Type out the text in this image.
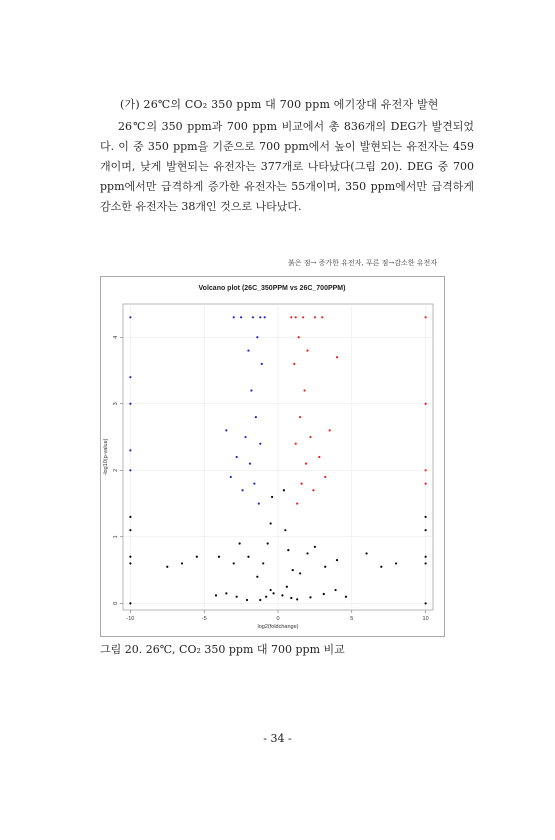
(가) 26℃의 CO₂ 350 ppm 대 700 ppm 에기장대 유전자 발현

26℃의 350 ppm과 700 ppm 비교에서 총 836개의 DEG가 발견되었다. 이 중 350 ppm을 기준으로 700 ppm에서 높이 발현되는 유전자는 459개이며, 낮게 발현되는 유전자는 377개로 나타났다(그림 20). DEG 중 700 ppm에서만 급격하게 증가한 유전자는 55개이며, 350 ppm에서만 급격하게 감소한 유전자는 38개인 것으로 나타났다.

붉은 점→ 증가한 유전자, 푸른 점→감소한 유전자
Volcano plot (26C_350PPM vs 26C_700PPM)
-10	-5	0	5	10
0
1
2
3
4
log2(foldchange)
-log10(p-value)
그림 20. 26℃, CO₂ 350 ppm 대 700 ppm 비교
- 34 -
